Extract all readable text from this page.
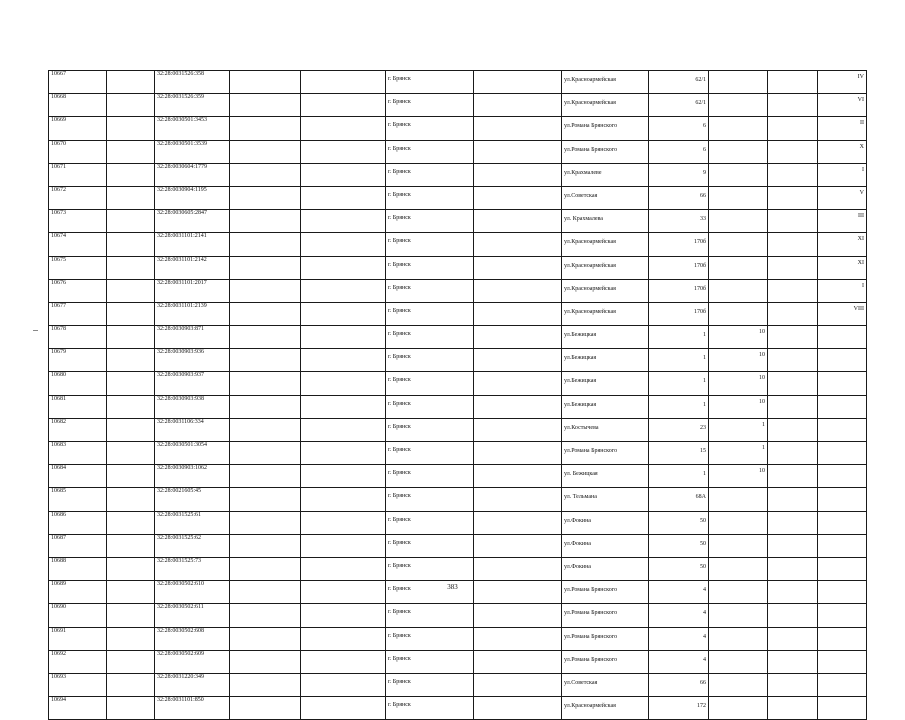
10667		32:28:0031526:358			г. Брянск		ул.Красноармейская	62/1			IV
10668		32:28:0031526:359			г. Брянск		ул.Красноармейская	62/1			VI
10669		32:28:0030501:3453			г. Брянск		ул.Романа Брянского	6			II
10670		32:28:0030501:3539			г. Брянск		ул.Романа Брянского	6			X
10671		32:28:0030604:1779			г. Брянск		ул.Крахмалеве	9			I
10672		32:28:0030904:1195			г. Брянск		ул.Советская	66			V
10673		32:28:0030605:2847			г. Брянск		ул. Крахмалева	33			III
10674		32:28:0031101:2141			г. Брянск		ул.Красноармейская	170б			XI
10675		32:28:0031101:2142			г. Брянск		ул.Красноармейская	170б			XI
10676		32:28:0031101:2017			г. Брянск		ул.Красноармейская	170б			I
10677		32:28:0031101:2139			г. Брянск		ул.Красноармейская	170б			VIII
10678		32:28:0030903:871			г. Брянск		ул.Бежицкая	1	10		
10679		32:28:0030903:936			г. Брянск		ул.Бежицкая	1	10		
10680		32:28:0030903:937			г. Брянск		ул.Бежицкая	1	10		
10681		32:28:0030903:938			г. Брянск		ул.Бежицкая	1	10		
10682		32:28:0031106:334			г. Брянск		ул.Костычева	23	1		
10683		32:28:0030501:3054			г. Брянск		ул.Романа Брянского	15	1		
10684		32:28:0030903:1062			г. Брянск		ул. Бежицкая	1	10		
10685		32:28:0021605:45			г. Брянск		ул. Тельмана	68А			
10686		32:28:0031525:61			г. Брянск		ул.Фокина	50			
10687		32:28:0031525:62			г. Брянск		ул.Фокина	50			
10688		32:28:0031525:73			г. Брянск		ул.Фокина	50			
10689		32:28:0030502:610			г. Брянск		ул.Романа Брянского	4			
10690		32:28:0030502:611			г. Брянск		ул.Романа Брянского	4			
10691		32:28:0030502:608			г. Брянск		ул.Романа Брянского	4			
10692		32:28:0030502:609			г. Брянск		ул.Романа Брянского	4			
10693		32:28:0031220:349			г. Брянск		ул.Советская	66			
10694		32:28:0031101:850			г. Брянск		ул.Красноармейская	172			
383
